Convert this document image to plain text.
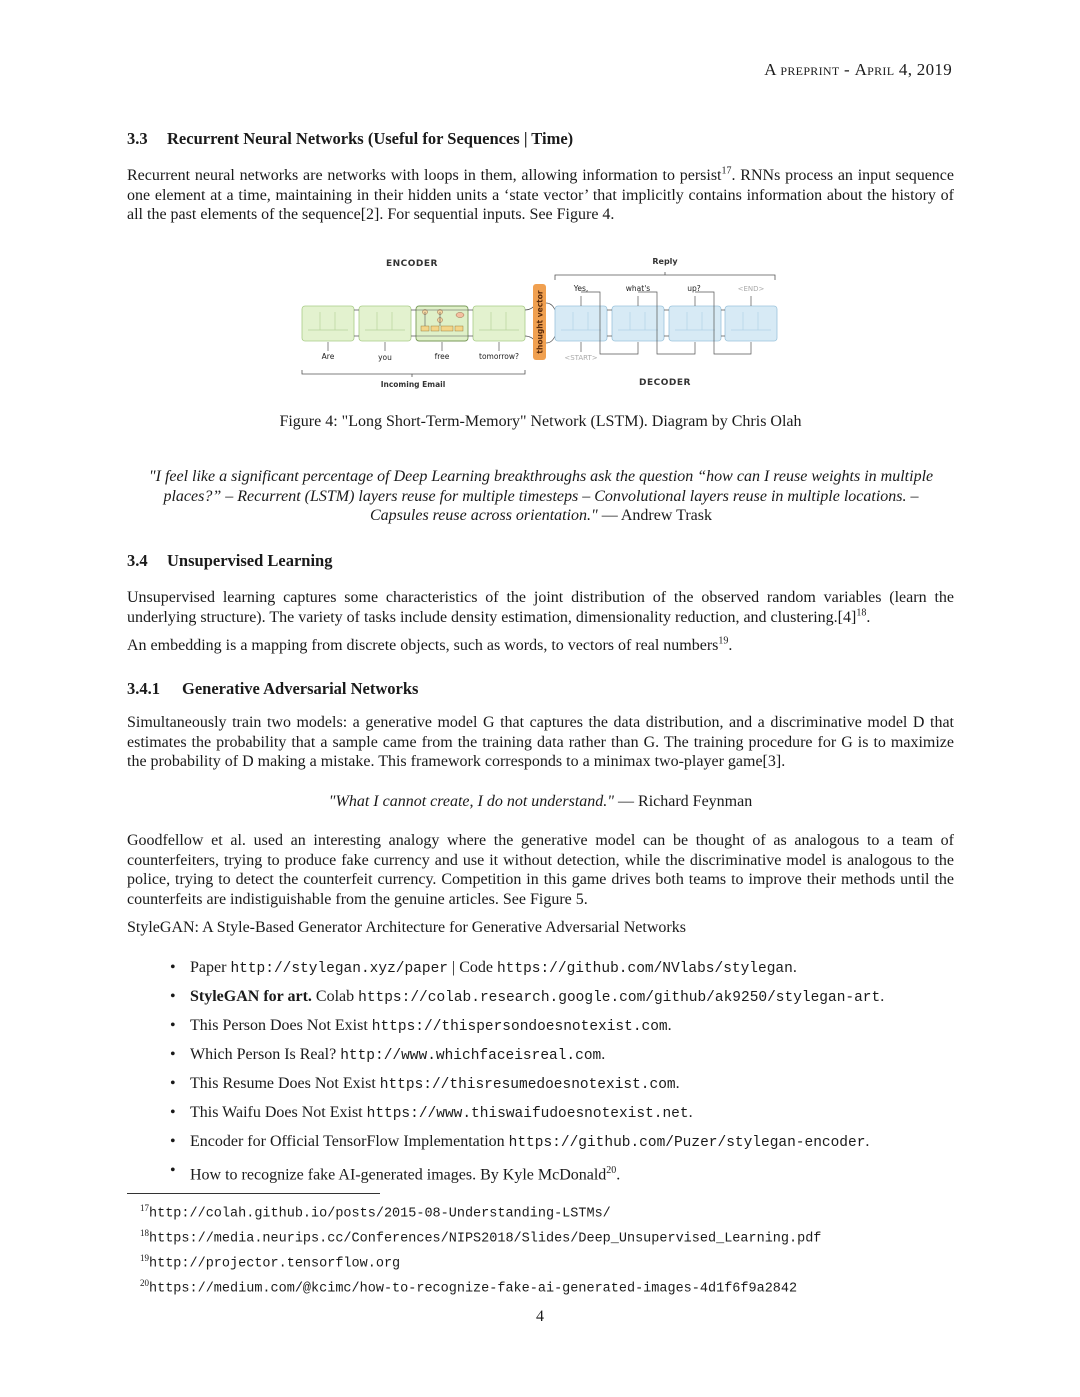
A preprint - April 4, 2019
3.3 Recurrent Neural Networks (Useful for Sequences | Time)
Recurrent neural networks are networks with loops in them, allowing information to persist$^{17}$. RNNs process an input sequence one element at a time, maintaining in their hidden units a ‘state vector’ that implicitly contains information about the history of all the past elements of the sequence[2]. For sequential inputs. See Figure 4.
ENCODER	Reply
Are	you	free	tomorrow?
Incoming Email
thought vector
Yes,	what's	up?	<END>
<START>
DECODER
Figure 4: "Long Short-Term-Memory" Network (LSTM). Diagram by Chris Olah
"I feel like a significant percentage of Deep Learning breakthroughs ask the question “how can I reuse weights in multiple places?” – Recurrent (LSTM) layers reuse for multiple timesteps – Convolutional layers reuse in multiple locations. – Capsules reuse across orientation." — Andrew Trask
3.4 Unsupervised Learning
Unsupervised learning captures some characteristics of the joint distribution of the observed random variables (learn the underlying structure). The variety of tasks include density estimation, dimensionality reduction, and $clustering.[4]^{18}$.
An embedding is a mapping from discrete objects, such as words, to vectors of real numbers$^{19}$.
3.4.1 Generative Adversarial Networks
Simultaneously train two models: a generative model G that captures the data distribution, and a discriminative model D that estimates the probability that a sample came from the training data rather than G. The training procedure for G is to maximize the probability of D making a mistake. This framework corresponds to a minimax two-player game[3].
"What I cannot create, I do not understand." — Richard Feynman
Goodfellow et al. used an interesting analogy where the generative model can be thought of as analogous to a team of counterfeiters, trying to produce fake currency and use it without detection, while the discriminative model is analogous to the police, trying to detect the counterfeit currency. Competition in this game drives both teams to improve their methods until the counterfeits are indistiguishable from the genuine articles. See Figure 5.
StyleGAN: A Style-Based Generator Architecture for Generative Adversarial Networks
• Paper http://stylegan.xyz/paper | Code https://github.com/NVlabs/stylegan.
• StyleGAN for art. Colab https://colab.research.google.com/github/ak9250/stylegan-art.
• This Person Does Not Exist https://thispersondoesnotexist.com.
• Which Person Is Real? http://www.whichfaceisreal.com.
• This Resume Does Not Exist https://thisresumedoesnotexist.com.
• This Waifu Does Not Exist https://www.thiswaifudoesnotexist.net.
• Encoder for Official TensorFlow Implementation https://github.com/Puzer/stylegan-encoder.
• How to recognize fake AI-generated images. By Kyle McDonald$^{20}$.
$^{17}$http://colah.github.io/posts/2015-08-Understanding-LSTMs/
$^{18}$https://media.neurips.cc/Conferences/NIPS2018/Slides/Deep_Unsupervised_Learning.pdf
$^{19}$http://projector.tensorflow.org
$^{20}$https://medium.com/@kcimc/how-to-recognize-fake-ai-generated-images-4d1f6f9a2842
4
